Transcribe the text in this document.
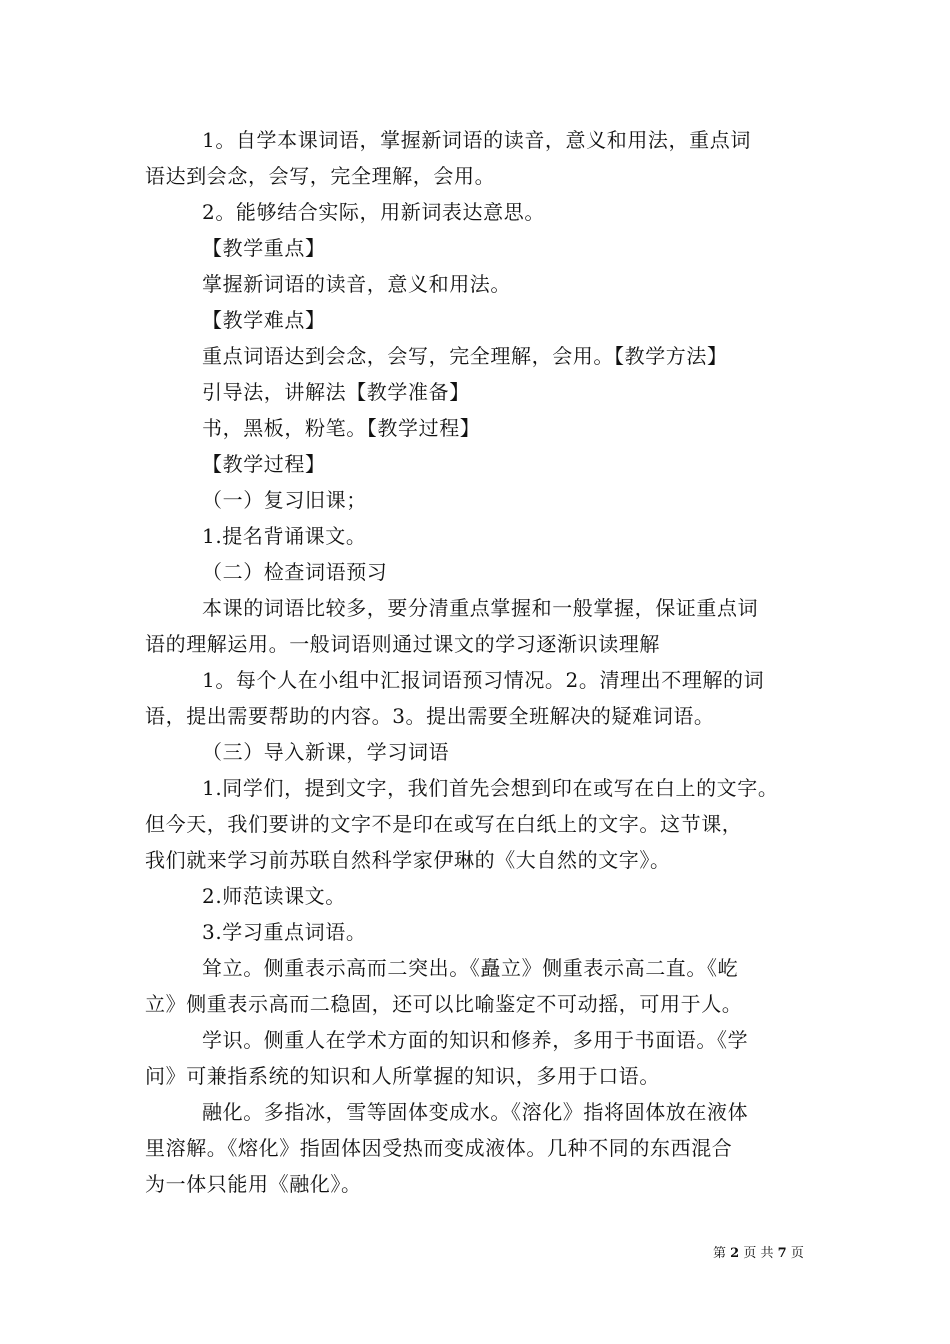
1。自学本课词语，掌握新词语的读音，意义和用法，重点词
语达到会念，会写，完全理解，会用。
2。能够结合实际，用新词表达意思。
【教学重点】
掌握新词语的读音，意义和用法。
【教学难点】
重点词语达到会念，会写，完全理解，会用。【教学方法】
引导法，讲解法【教学准备】
书，黑板，粉笔。【教学过程】
【教学过程】
（一）复习旧课；
1.提名背诵课文。
（二）检查词语预习
本课的词语比较多，要分清重点掌握和一般掌握，保证重点词
语的理解运用。一般词语则通过课文的学习逐渐识读理解
1。每个人在小组中汇报词语预习情况。2。清理出不理解的词
语，提出需要帮助的内容。3。提出需要全班解决的疑难词语。
（三）导入新课，学习词语
1.同学们，提到文字，我们首先会想到印在或写在白上的文字。
但今天，我们要讲的文字不是印在或写在白纸上的文字。这节课，
我们就来学习前苏联自然科学家伊琳的《大自然的文字》。
2.师范读课文。
3.学习重点词语。
耸立。侧重表示高而二突出。《矗立》侧重表示高二直。《屹
立》侧重表示高而二稳固，还可以比喻鉴定不可动摇，可用于人。
学识。侧重人在学术方面的知识和修养，多用于书面语。《学
问》可兼指系统的知识和人所掌握的知识，多用于口语。
融化。多指冰，雪等固体变成水。《溶化》指将固体放在液体
里溶解。《熔化》指固体因受热而变成液体。几种不同的东西混合
为一体只能用《融化》。
第 2 页 共 7 页
